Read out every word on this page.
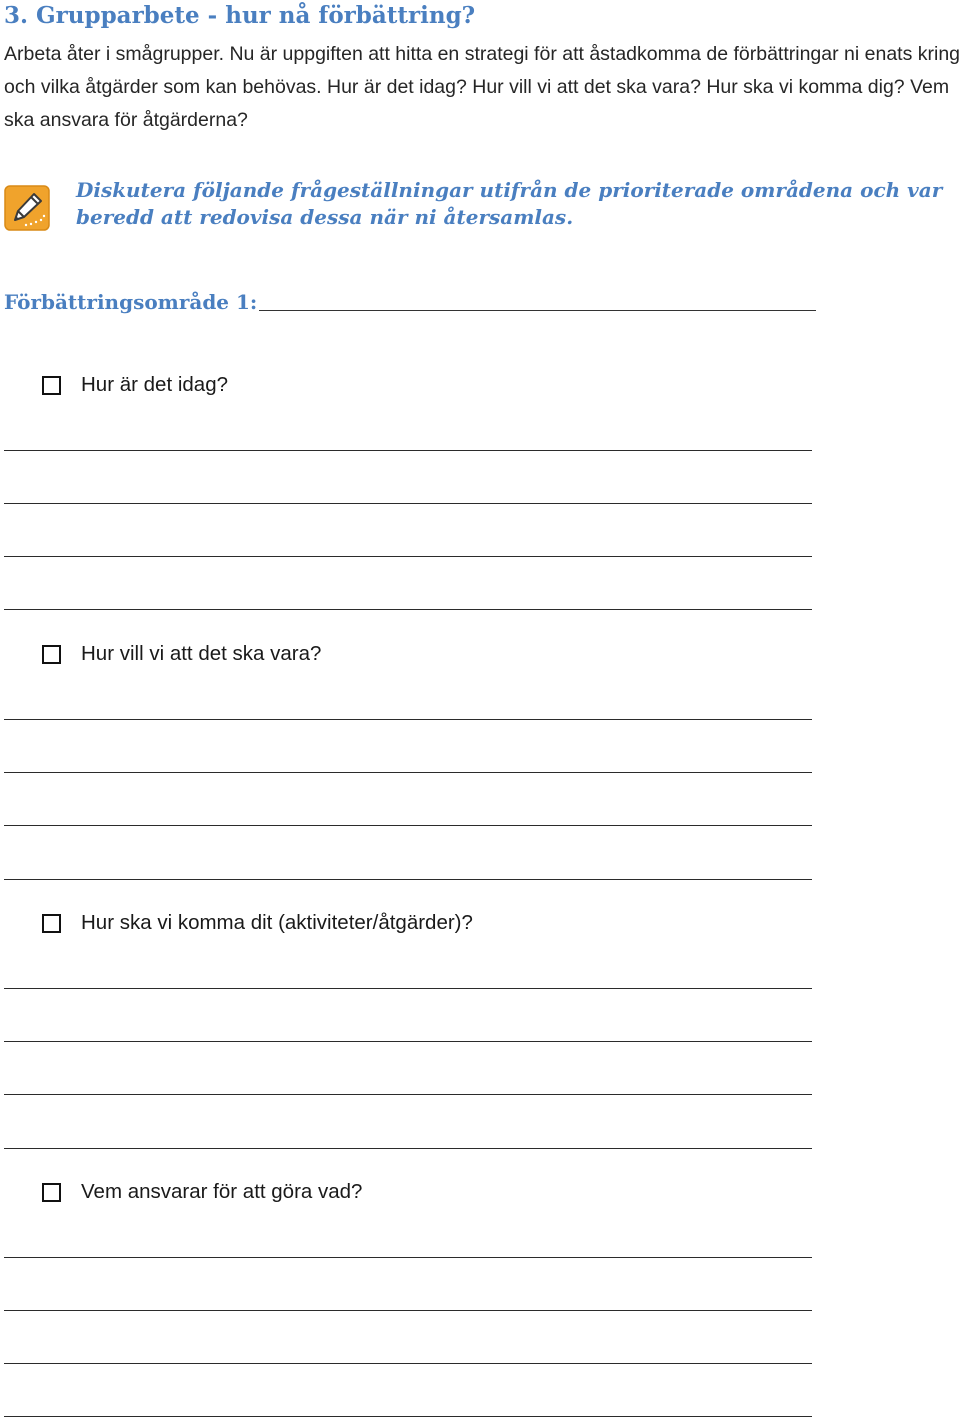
3. Grupparbete - hur nå förbättring?
Arbeta åter i smågrupper. Nu är uppgiften att hitta en strategi för att åstadkomma de förbättringar ni enats kring och vilka åtgärder som kan behövas. Hur är det idag? Hur vill vi att det ska vara? Hur ska vi komma dig? Vem ska ansvara för åtgärderna?
Diskutera följande frågeställningar utifrån de prioriterade områdena och var beredd att redovisa dessa när ni återsamlas.
Förbättringsområde 1:
Hur är det idag?
Hur vill vi att det ska vara?
Hur ska vi komma dit (aktiviteter/åtgärder)?
Vem ansvarar för att göra vad?
